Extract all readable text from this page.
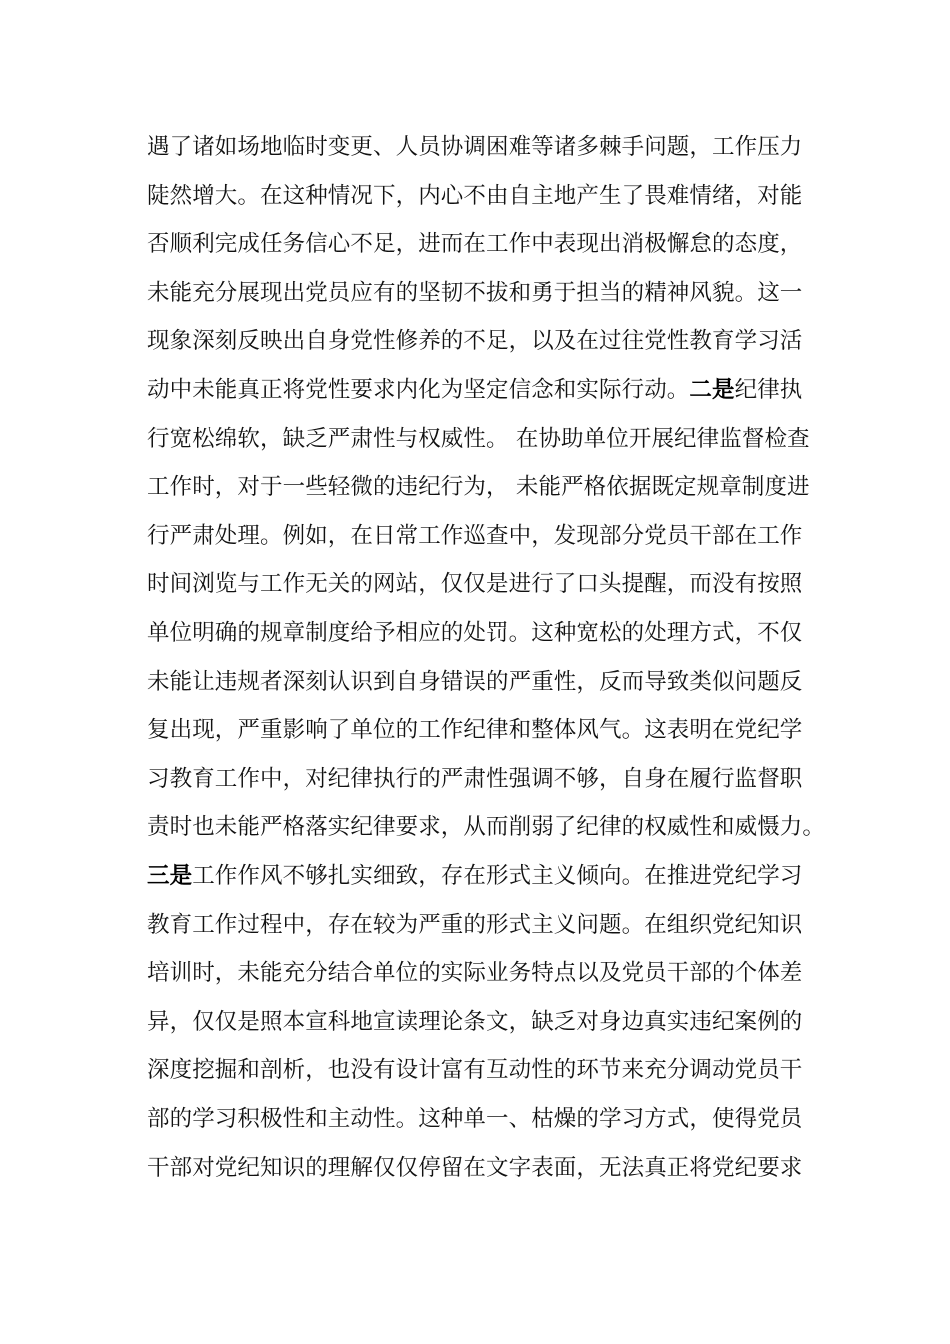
遇了诸如场地临时变更、人员协调困难等诸多棘手问题，工作压力
陡然增大。在这种情况下，内心不由自主地产生了畏难情绪，对能
否顺利完成任务信心不足，进而在工作中表现出消极懈怠的态度，
未能充分展现出党员应有的坚韧不拔和勇于担当的精神风貌。这一
现象深刻反映出自身党性修养的不足，以及在过往党性教育学习活
动中未能真正将党性要求内化为坚定信念和实际行动。二是纪律执
行宽松绵软，缺乏严肃性与权威性。 在协助单位开展纪律监督检查
工作时，对于一些轻微的违纪行为， 未能严格依据既定规章制度进
行严肃处理。例如，在日常工作巡查中，发现部分党员干部在工作
时间浏览与工作无关的网站，仅仅是进行了口头提醒，而没有按照
单位明确的规章制度给予相应的处罚。这种宽松的处理方式，不仅
未能让违规者深刻认识到自身错误的严重性，反而导致类似问题反
复出现，严重影响了单位的工作纪律和整体风气。这表明在党纪学
习教育工作中，对纪律执行的严肃性强调不够，自身在履行监督职
责时也未能严格落实纪律要求，从而削弱了纪律的权威性和威慑力。
三是工作作风不够扎实细致，存在形式主义倾向。在推进党纪学习
教育工作过程中，存在较为严重的形式主义问题。在组织党纪知识
培训时，未能充分结合单位的实际业务特点以及党员干部的个体差
异，仅仅是照本宣科地宣读理论条文，缺乏对身边真实违纪案例的
深度挖掘和剖析，也没有设计富有互动性的环节来充分调动党员干
部的学习积极性和主动性。这种单一、枯燥的学习方式，使得党员
干部对党纪知识的理解仅仅停留在文字表面，无法真正将党纪要求
